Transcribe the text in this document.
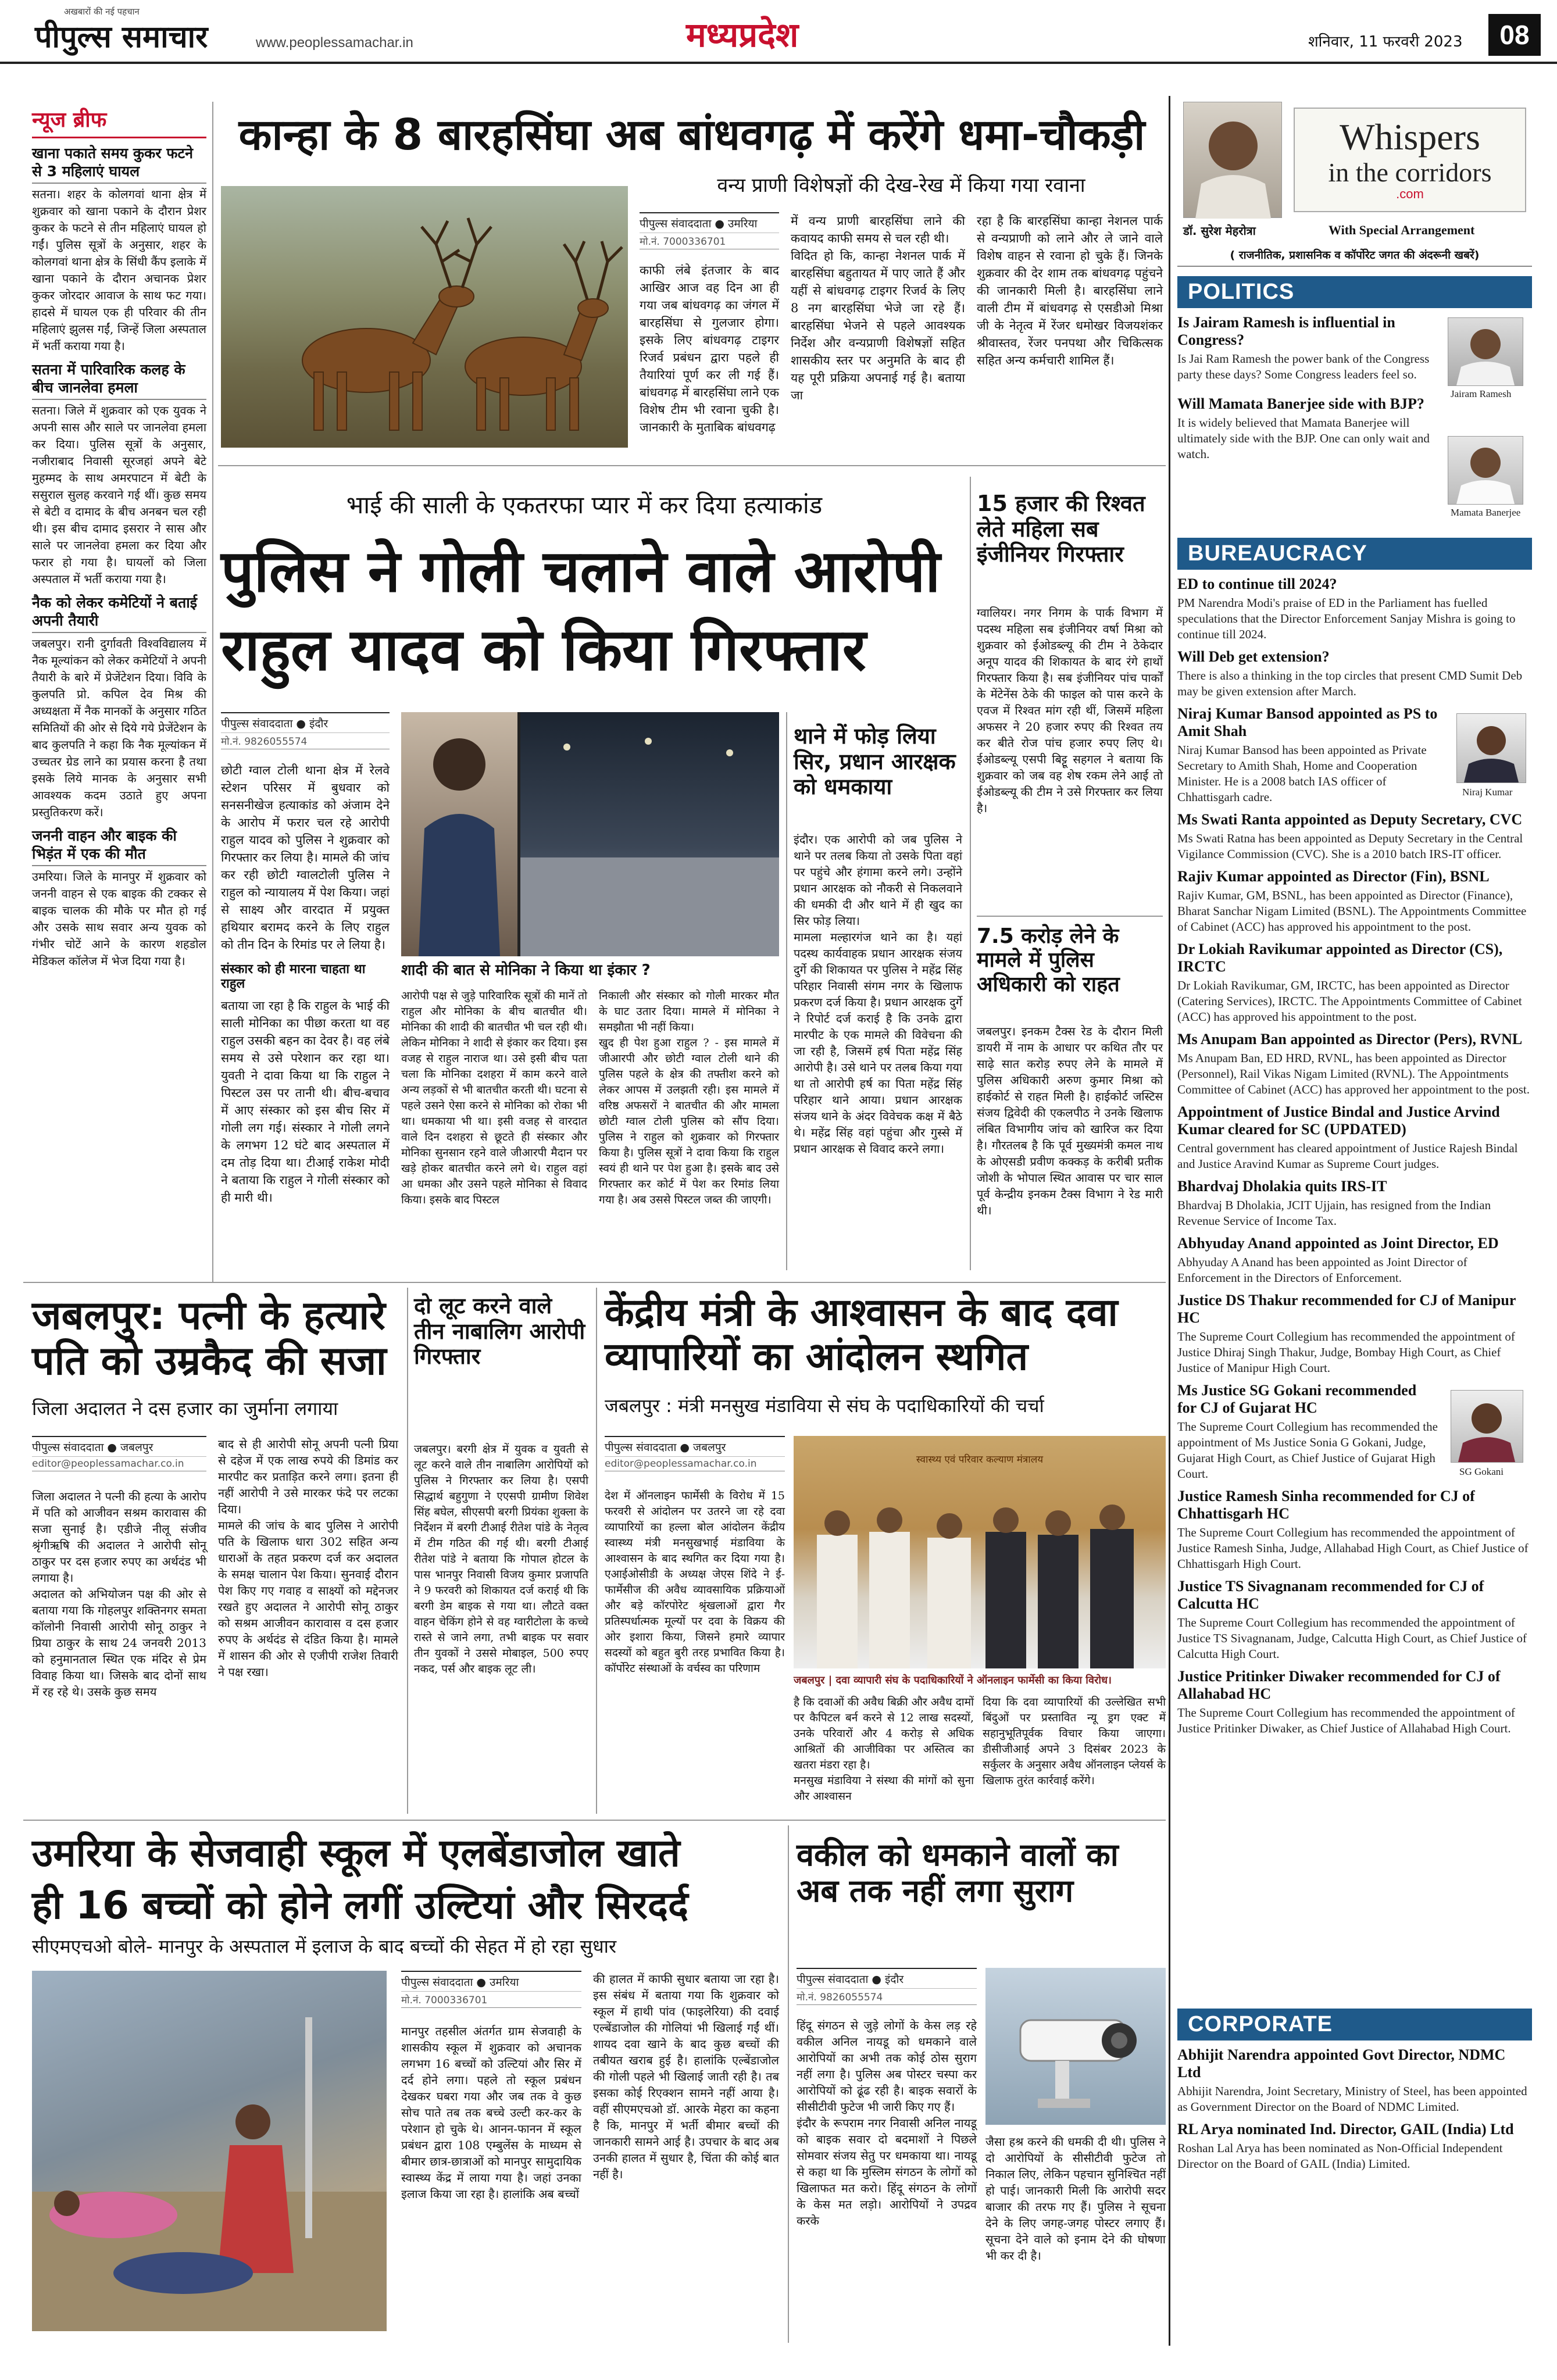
अखबारों की नई पहचान
पीपुल्स समाचार	www.peoplessamachar.in	मध्यप्रदेश	शनिवार, 11 फरवरी 2023	08
न्यूज ब्रीफ
खाना पकाते समय कुकर फटने से 3 महिलाएं घायल
सतना। शहर के कोलगवां थाना क्षेत्र में शुक्रवार को खाना पकाने के दौरान प्रेशर कुकर के फटने से तीन महिलाएं घायल हो गईं। पुलिस सूत्रों के अनुसार, शहर के कोलगवां थाना क्षेत्र के सिंधी कैंप इलाके में खाना पकाने के दौरान अचानक प्रेशर कुकर जोरदार आवाज के साथ फट गया। हादसे में घायल एक ही परिवार की तीन महिलाएं झुलस गईं, जिन्हें जिला अस्पताल में भर्ती कराया गया है।
सतना में पारिवारिक कलह के बीच जानलेवा हमला
सतना। जिले में शुक्रवार को एक युवक ने अपनी सास और साले पर जानलेवा हमला कर दिया। पुलिस सूत्रों के अनुसार, नजीराबाद निवासी सूरजहां अपने बेटे मुहम्मद के साथ अमरपाटन में बेटी के ससुराल सुलह करवाने गई थीं। कुछ समय से बेटी व दामाद के बीच अनबन चल रही थी। इस बीच दामाद इसरार ने सास और साले पर जानलेवा हमला कर दिया और फरार हो गया है। घायलों को जिला अस्पताल में भर्ती कराया गया है।
नैक को लेकर कमेटियों ने बताई अपनी तैयारी
जबलपुर। रानी दुर्गावती विश्वविद्यालय में नैक मूल्यांकन को लेकर कमेटियों ने अपनी तैयारी के बारे में प्रेजेंटेशन दिया। विवि के कुलपति प्रो. कपिल देव मिश्र की अध्यक्षता में नैक मानकों के अनुसार गठित समितियों की ओर से दिये गये प्रेजेंटेशन के बाद कुलपति ने कहा कि नैक मूल्यांकन में उच्चतर ग्रेड लाने का प्रयास करना है तथा इसके लिये मानक के अनुसार सभी आवश्यक कदम उठाते हुए अपना प्रस्तुतिकरण करें।
जननी वाहन और बाइक की भिड़ंत में एक की मौत
उमरिया। जिले के मानपुर में शुक्रवार को जननी वाहन से एक बाइक की टक्कर से बाइक चालक की मौके पर मौत हो गई और उसके साथ सवार अन्य युवक को गंभीर चोटें आने के कारण शहडोल मेडिकल कॉलेज में भेज दिया गया है।
कान्हा के 8 बारहसिंघा अब बांधवगढ़ में करेंगे धमा-चौकड़ी
वन्य प्राणी विशेषज्ञों की देख-रेख में किया गया रवाना
पीपुल्स संवाददाता ● उमरिया
मो.नं. 7000336701
काफी लंबे इंतजार के बाद आखिर आज वह दिन आ ही गया जब बांधवगढ़ का जंगल में बारहसिंघा से गुलजार होगा। इसके लिए बांधवगढ़ टाइगर रिजर्व प्रबंधन द्वारा पहले ही तैयारियां पूर्ण कर ली गई हैं। बांधवगढ़ में बारहसिंघा लाने एक विशेष टीम भी रवाना चुकी है। जानकारी के मुताबिक बांधवगढ़
में वन्य प्राणी बारहसिंघा लाने की कवायद काफी समय से चल रही थी।
विदित हो कि, कान्हा नेशनल पार्क में बारहसिंघा बहुतायत में पाए जाते हैं और यहीं से बांधवगढ़ टाइगर रिजर्व के लिए 8 नग बारहसिंघा भेजे जा रहे हैं। बारहसिंघा भेजने से पहले आवश्यक निर्देश और वन्यप्राणी विशेषज्ञों सहित शासकीय स्तर पर अनुमति के बाद ही यह पूरी प्रक्रिया अपनाई गई है। बताया जा
रहा है कि बारहसिंघा कान्हा नेशनल पार्क से वन्यप्राणी को लाने और ले जाने वाले विशेष वाहन से रवाना हो चुके हैं। जिनके शुक्रवार की देर शाम तक बांधवगढ़ पहुंचने की जानकारी मिली है। बारहसिंघा लाने वाली टीम में बांधवगढ़ से एसडीओ मिश्रा जी के नेतृत्व में रेंजर धमोखर विजयशंकर श्रीवास्तव, रेंजर पनपथा और चिकित्सक सहित अन्य कर्मचारी शामिल हैं।
भाई की साली के एकतरफा प्यार में कर दिया हत्याकांड
पुलिस ने गोली चलाने वाले आरोपी
राहुल यादव को किया गिरफ्तार
पीपुल्स संवाददाता ● इंदौर
मो.नं. 9826055574
छोटी ग्वाल टोली थाना क्षेत्र में रेलवे स्टेशन परिसर में बुधवार को सनसनीखेज हत्याकांड को अंजाम देने के आरोप में फरार चल रहे आरोपी राहुल यादव को पुलिस ने शुक्रवार को गिरफ्तार कर लिया है। मामले की जांच कर रही छोटी ग्वालटोली पुलिस ने राहुल को न्यायालय में पेश किया। जहां से साक्ष्य और वारदात में प्रयुक्त हथियार बरामद करने के लिए राहुल को तीन दिन के रिमांड पर ले लिया है।
संस्कार को ही मारना चाहता था राहुल
बताया जा रहा है कि राहुल के भाई की साली मोनिका का पीछा करता था वह राहुल उसकी बहन का देवर है। वह लंबे समय से उसे परेशान कर रहा था। युवती ने दावा किया था कि राहुल ने पिस्टल उस पर तानी थी। बीच-बचाव में आए संस्कार को इस बीच सिर में गोली लग गई। संस्कार ने गोली लगने के लगभग 12 घंटे बाद अस्पताल में दम तोड़ दिया था। टीआई राकेश मोदी ने बताया कि राहुल ने गोली संस्कार को ही मारी थी।
शादी की बात से मोनिका ने किया था इंकार ?
आरोपी पक्ष से जुड़े पारिवारिक सूत्रों की मानें तो राहुल और मोनिका के बीच बातचीत थी। मोनिका की शादी की बातचीत भी चल रही थी। लेकिन मोनिका ने शादी से इंकार कर दिया। इस वजह से राहुल नाराज था। उसे इसी बीच पता चला कि मोनिका दशहरा में काम करने वाले अन्य लड़कों से भी बातचीत करती थी। घटना से पहले उसने ऐसा करने से मोनिका को रोका भी था। धमकाया भी था। इसी वजह से वारदात वाले दिन दशहरा से छूटते ही संस्कार और मोनिका सुनसान रहने वाले जीआरपी मैदान पर खड़े होकर बातचीत करने लगे थे। राहुल वहां आ धमका और उसने पहले मोनिका से विवाद किया। इसके बाद पिस्टल
निकाली और संस्कार को गोली मारकर मौत के घाट उतार दिया। मामले में मोनिका ने समझौता भी नहीं किया।
खुद ही पेश हुआ राहुल ? - इस मामले में जीआरपी और छोटी ग्वाल टोली थाने की पुलिस पहले के क्षेत्र की तफ्तीश करने को लेकर आपस में उलझती रही। इस मामले में वरिष्ठ अफसरों ने बातचीत की और मामला छोटी ग्वाल टोली पुलिस को सौंप दिया। पुलिस ने राहुल को शुक्रवार को गिरफ्तार किया है। पुलिस सूत्रों ने दावा किया कि राहुल स्वयं ही थाने पर पेश हुआ है। इसके बाद उसे गिरफ्तार कर कोर्ट में पेश कर रिमांड लिया गया है। अब उससे पिस्टल जब्त की जाएगी।
थाने में फोड़ लिया सिर, प्रधान आरक्षक को धमकाया
इंदौर। एक आरोपी को जब पुलिस ने थाने पर तलब किया तो उसके पिता वहां पर पहुंचे और हंगामा करने लगे। उन्होंने प्रधान आरक्षक को नौकरी से निकलवाने की धमकी दी और थाने में ही खुद का सिर फोड़ लिया।
मामला मल्हारगंज थाने का है। यहां पदस्थ कार्यवाहक प्रधान आरक्षक संजय दुर्गे की शिकायत पर पुलिस ने महेंद्र सिंह परिहार निवासी संगम नगर के खिलाफ प्रकरण दर्ज किया है। प्रधान आरक्षक दुर्गे ने रिपोर्ट दर्ज कराई है कि उनके द्वारा मारपीट के एक मामले की विवेचना की जा रही है, जिसमें हर्ष पिता महेंद्र सिंह आरोपी है। उसे थाने पर तलब किया गया था तो आरोपी हर्ष का पिता महेंद्र सिंह परिहार थाने आया। प्रधान आरक्षक संजय थाने के अंदर विवेचक कक्ष में बैठे थे। महेंद्र सिंह वहां पहुंचा और गुस्से में प्रधान आरक्षक से विवाद करने लगा।
15 हजार की रिश्वत लेते महिला सब इंजीनियर गिरफ्तार
ग्वालियर। नगर निगम के पार्क विभाग में पदस्थ महिला सब इंजीनियर वर्षा मिश्रा को शुक्रवार को ईओडब्ल्यू की टीम ने ठेकेदार अनूप यादव की शिकायत के बाद रंगे हाथों गिरफ्तार किया है। सब इंजीनियर पांच पार्कों के मेंटेनेंस ठेके की फाइल को पास करने के एवज में रिश्वत मांग रही थीं, जिसमें महिला अफसर ने 20 हजार रुपए की रिश्वत तय कर बीते रोज पांच हजार रुपए लिए थे। ईओडब्ल्यू एसपी बिट्टू सहगल ने बताया कि शुक्रवार को जब वह शेष रकम लेने आई तो ईओडब्ल्यू की टीम ने उसे गिरफ्तार कर लिया है।
7.5 करोड़ लेने के मामले में पुलिस अधिकारी को राहत
जबलपुर। इनकम टैक्स रेड के दौरान मिली डायरी में नाम के आधार पर कथित तौर पर साढ़े सात करोड़ रुपए लेने के मामले में पुलिस अधिकारी अरुण कुमार मिश्रा को हाईकोर्ट से राहत मिली है। हाईकोर्ट जस्टिस संजय द्विवेदी की एकलपीठ ने उनके खिलाफ लंबित विभागीय जांच को खारिज कर दिया है। गौरतलब है कि पूर्व मुख्यमंत्री कमल नाथ के ओएसडी प्रवीण कक्कड़ के करीबी प्रतीक जोशी के भोपाल स्थित आवास पर चार साल पूर्व केन्द्रीय इनकम टैक्स विभाग ने रेड मारी थी।
जबलपुर: पत्नी के हत्यारे पति को उम्रकैद की सजा
जिला अदालत ने दस हजार का जुर्माना लगाया
पीपुल्स संवाददाता ● जबलपुर
editor@peoplessamachar.co.in
जिला अदालत ने पत्नी की हत्या के आरोप में पति को आजीवन सश्रम कारावास की सजा सुनाई है। एडीजे नीलू संजीव श्रृंगीऋषि की अदालत ने आरोपी सोनू ठाकुर पर दस हजार रुपए का अर्थदंड भी लगाया है।
अदालत को अभियोजन पक्ष की ओर से बताया गया कि गोहलपुर शक्तिनगर समता कॉलोनी निवासी आरोपी सोनू ठाकुर ने प्रिया ठाकुर के साथ 24 जनवरी 2013 को हनुमानताल स्थित एक मंदिर से प्रेम विवाह किया था। जिसके बाद दोनों साथ में रह रहे थे। उसके कुछ समय
बाद से ही आरोपी सोनू अपनी पत्नी प्रिया से दहेज में एक लाख रुपये की डिमांड कर मारपीट कर प्रताड़ित करने लगा। इतना ही नहीं आरोपी ने उसे मारकर फंदे पर लटका दिया।
मामले की जांच के बाद पुलिस ने आरोपी पति के खिलाफ धारा 302 सहित अन्य धाराओं के तहत प्रकरण दर्ज कर अदालत के समक्ष चालान पेश किया। सुनवाई दौरान पेश किए गए गवाह व साक्ष्यों को मद्देनजर रखते हुए अदालत ने आरोपी सोनू ठाकुर को सश्रम आजीवन कारावास व दस हजार रुपए के अर्थदंड से दंडित किया है। मामले में शासन की ओर से एजीपी राजेश तिवारी ने पक्ष रखा।
दो लूट करने वाले तीन नाबालिग आरोपी गिरफ्तार
जबलपुर। बरगी क्षेत्र में युवक व युवती से लूट करने वाले तीन नाबालिग आरोपियों को पुलिस ने गिरफ्तार कर लिया है। एसपी सिद्धार्थ बहुगुणा ने एएसपी ग्रामीण शिवेश सिंह बघेल, सीएसपी बरगी प्रियंका शुक्ला के निर्देशन में बरगी टीआई रीतेश पांडे के नेतृत्व में टीम गठित की गई थी। बरगी टीआई रीतेश पांडे ने बताया कि गोपाल होटल के पास भानपुर निवासी विजय कुमार प्रजापति ने 9 फरवरी को शिकायत दर्ज कराई थी कि बरगी डेम बाइक से गया था। लौटते वक्त वाहन चेकिंग होने से वह ग्वारीटोला के कच्चे रास्ते से जाने लगा, तभी बाइक पर सवार तीन युवकों ने उससे मोबाइल, 500 रुपए नकद, पर्स और बाइक लूट ली।
केंद्रीय मंत्री के आश्वासन के बाद दवा व्यापारियों का आंदोलन स्थगित
जबलपुर : मंत्री मनसुख मंडाविया से संघ के पदाधिकारियों की चर्चा
पीपुल्स संवाददाता ● जबलपुर
editor@peoplessamachar.co.in	स्वास्थ्य एवं परिवार कल्याण मंत्रालय
जबलपुर | दवा व्यापारी संघ के पदाधिकारियों ने ऑनलाइन फार्मेसी का किया विरोध।
देश में ऑनलाइन फार्मेसी के विरोध में 15 फरवरी से आंदोलन पर उतरने जा रहे दवा व्यापारियों का हल्ला बोल आंदोलन केंद्रीय स्वास्थ्य मंत्री मनसुखभाई मंडाविया के आश्वासन के बाद स्थगित कर दिया गया है। एआईओसीडी के अध्यक्ष जेएस शिंदे ने ई-फार्मेसीज की अवैध व्यावसायिक प्रक्रियाओं और बड़े कॉरपोरेट श्रृंखलाओं द्वारा गैर प्रतिस्पर्धात्मक मूल्यों पर दवा के विक्रय की ओर इशारा किया, जिसने हमारे व्यापार सदस्यों को बहुत बुरी तरह प्रभावित किया है। कॉर्पोरेट संस्थाओं के वर्चस्व का परिणाम
है कि दवाओं की अवैध बिक्री और अवैध दामों पर कैपिटल बर्न करने से 12 लाख सदस्यों, उनके परिवारों और 4 करोड़ से अधिक आश्रितों की आजीविका पर अस्तित्व का खतरा मंडरा रहा है।
मनसुख मंडाविया ने संस्था की मांगों को सुना और आश्वासन
दिया कि दवा व्यापारियों की उल्लेखित सभी बिंदुओं पर प्रस्तावित न्यू ड्रग एक्ट में सहानुभूतिपूर्वक विचार किया जाएगा। डीसीजीआई अपने 3 दिसंबर 2023 के सर्कुलर के अनुसार अवैध ऑनलाइन प्लेयर्स के खिलाफ तुरंत कार्रवाई करेंगे।
उमरिया के सेजवाही स्कूल में एलबेंडाजोल खाते
ही 16 बच्चों को होने लगीं उल्टियां और सिरदर्द
सीएमएचओ बोले- मानपुर के अस्पताल में इलाज के बाद बच्चों की सेहत में हो रहा सुधार
पीपुल्स संवाददाता ● उमरिया
मो.नं. 7000336701
मानपुर तहसील अंतर्गत ग्राम सेजवाही के शासकीय स्कूल में शुक्रवार को अचानक लगभग 16 बच्चों को उल्टियां और सिर में दर्द होने लगा। पहले तो स्कूल प्रबंधन देखकर घबरा गया और जब तक वे कुछ सोच पाते तब तक बच्चे उल्टी कर-कर के परेशान हो चुके थे। आनन-फानन में स्कूल प्रबंधन द्वारा 108 एम्बुलेंस के माध्यम से बीमार छात्र-छात्राओं को मानपुर सामुदायिक स्वास्थ्य केंद्र में लाया गया है। जहां उनका इलाज किया जा रहा है। हालांकि अब बच्चों
की हालत में काफी सुधार बताया जा रहा है। इस संबंध में बताया गया कि शुक्रवार को स्कूल में हाथी पांव (फाइलेरिया) की दवाई एल्बेंडाजोल की गोलियां भी खिलाई गईं थीं। शायद दवा खाने के बाद कुछ बच्चों की तबीयत खराब हुई है। हालांकि एल्बेंडाजोल की गोली पहले भी खिलाई जाती रही है। तब इसका कोई रिएक्शन सामने नहीं आया है। वहीं सीएमएचओ डॉ. आरके मेहरा का कहना है कि, मानपुर में भर्ती बीमार बच्चों की जानकारी सामने आई है। उपचार के बाद अब उनकी हालत में सुधार है, चिंता की कोई बात नहीं है।
वकील को धमकाने वालों का अब तक नहीं लगा सुराग
पीपुल्स संवाददाता ● इंदौर
मो.नं. 9826055574
हिंदू संगठन से जुड़े लोगों के केस लड़ रहे वकील अनिल नायडू को धमकाने वाले आरोपियों का अभी तक कोई ठोस सुराग नहीं लगा है। पुलिस अब पोस्टर चस्पा कर आरोपियों को ढूंढ रही है। बाइक सवारों के सीसीटीवी फुटेज भी जारी किए गए हैं।
इंदौर के रूपराम नगर निवासी अनिल नायडू को बाइक सवार दो बदमाशों ने पिछले सोमवार संजय सेतु पर धमकाया था। नायडू से कहा था कि मुस्लिम संगठन के लोगों को खिलाफत मत करो। हिंदू संगठन के लोगों के केस मत लड़ो। आरोपियों ने उपद्रव करके
जैसा हश्र करने की धमकी दी थी। पुलिस ने दो आरोपियों के सीसीटीवी फुटेज तो निकाल लिए, लेकिन पहचान सुनिश्चित नहीं हो पाई। जानकारी मिली कि आरोपी सदर बाजार की तरफ गए हैं। पुलिस ने सूचना देने के लिए जगह-जगह पोस्टर लगाए हैं। सूचना देने वाले को इनाम देने की घोषणा भी कर दी है।
Whispers
in the corridors
.com
डॉ. सुरेश मेहरोत्रा	With Special Arrangement
( राजनीतिक, प्रशासनिक व कॉर्पोरेट जगत की अंदरूनी खबरें)
POLITICS
Is Jairam Ramesh is influential in Congress?
Is Jai Ram Ramesh the power bank of the Congress party these days? Some Congress leaders feel so.
Jairam Ramesh
Will Mamata Banerjee side with BJP?
It is widely believed that Mamata Banerjee will ultimately side with the BJP. One can only wait and watch.
Mamata Banerjee
BUREAUCRACY
ED to continue till 2024?
PM Narendra Modi's praise of ED in the Parliament has fuelled speculations that the Director Enforcement Sanjay Mishra is going to continue till 2024.
Will Deb get extension?
There is also a thinking in the top circles that present CMD Sumit Deb may be given extension after March.
Niraj Kumar Bansod appointed as PS to Amit Shah
Niraj Kumar Bansod has been appointed as Private Secretary to Amith Shah, Home and Cooperation Minister. He is a 2008 batch IAS officer of Chhattisgarh cadre.	Niraj Kumar
Ms Swati Ranta appointed as Deputy Secretary, CVC
Ms Swati Ratna has been appointed as Deputy Secretary in the Central Vigilance Commission (CVC). She is a 2010 batch IRS-IT officer.
Rajiv Kumar appointed as Director (Fin), BSNL
Rajiv Kumar, GM, BSNL, has been appointed as Director (Finance), Bharat Sanchar Nigam Limited (BSNL). The Appointments Committee of Cabinet (ACC) has approved his appointment to the post.
Dr Lokiah Ravikumar appointed as Director (CS), IRCTC
Dr Lokiah Ravikumar, GM, IRCTC, has been appointed as Director (Catering Services), IRCTC. The Appointments Committee of Cabinet (ACC) has approved his appointment to the post.
Ms Anupam Ban appointed as Director (Pers), RVNL
Ms Anupam Ban, ED HRD, RVNL, has been appointed as Director (Personnel), Rail Vikas Nigam Limited (RVNL). The Appointments Committee of Cabinet (ACC) has approved her appointment to the post.
Appointment of Justice Bindal and Justice Arvind Kumar cleared for SC (UPDATED)
Central government has cleared appointment of Justice Rajesh Bindal and Justice Aravind Kumar as Supreme Court judges.
Bhardvaj Dholakia quits IRS-IT
Bhardvaj B Dholakia, JCIT Ujjain, has resigned from the Indian Revenue Service of Income Tax.
Abhyuday Anand appointed as Joint Director, ED
Abhyuday A Anand has been appointed as Joint Director of Enforcement in the Directors of Enforcement.
Justice DS Thakur recommended for CJ of Manipur HC
The Supreme Court Collegium has recommended the appointment of Justice Dhiraj Singh Thakur, Judge, Bombay High Court, as Chief Justice of Manipur High Court.
Ms Justice SG Gokani recommended for CJ of Gujarat HC
The Supreme Court Collegium has recommended the appointment of Ms Justice Sonia G Gokani, Judge, Gujarat High Court, as Chief Justice of Gujarat High Court.	SG Gokani
Justice Ramesh Sinha recommended for CJ of Chhattisgarh HC
The Supreme Court Collegium has recommended the appointment of Justice Ramesh Sinha, Judge, Allahabad High Court, as Chief Justice of Chhattisgarh High Court.
Justice TS Sivagnanam recommended for CJ of Calcutta HC
The Supreme Court Collegium has recommended the appointment of Justice TS Sivagnanam, Judge, Calcutta High Court, as Chief Justice of Calcutta High Court.
Justice Pritinker Diwaker recommended for CJ of Allahabad HC
The Supreme Court Collegium has recommended the appointment of Justice Pritinker Diwaker, as Chief Justice of Allahabad High Court.
CORPORATE
Abhijit Narendra appointed Govt Director, NDMC Ltd
Abhijit Narendra, Joint Secretary, Ministry of Steel, has been appointed as Government Director on the Board of NDMC Limited.
RL Arya nominated Ind. Director, GAIL (India) Ltd
Roshan Lal Arya has been nominated as Non-Official Independent Director on the Board of GAIL (India) Limited.
